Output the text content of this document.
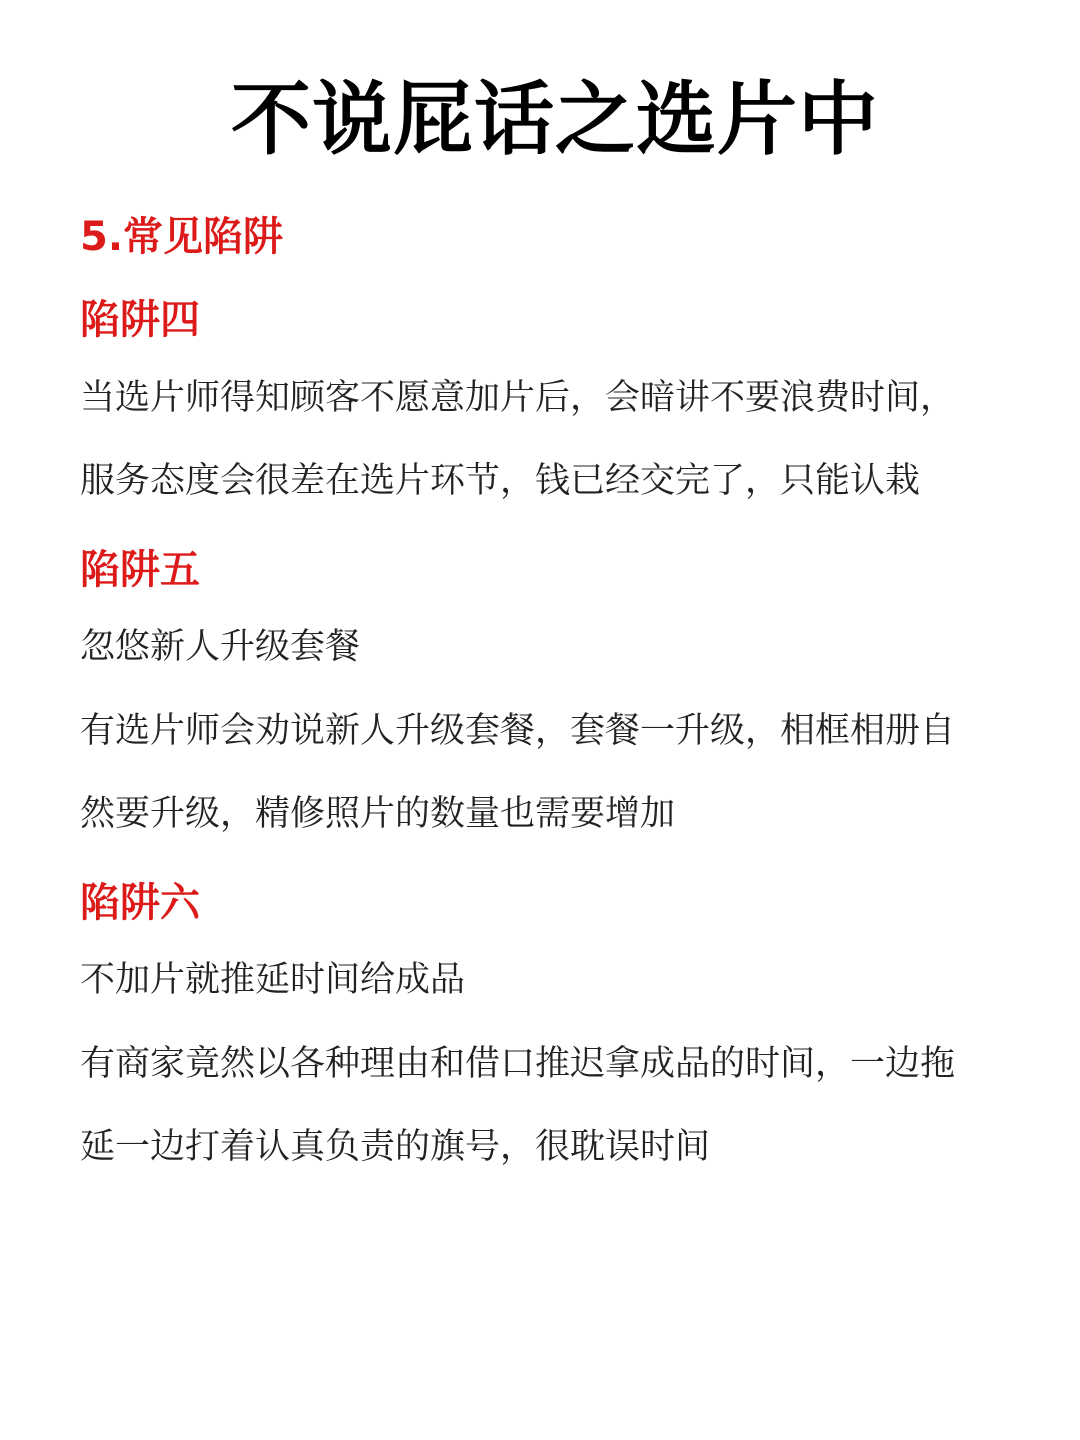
不说屁话之选片中
5.常见陷阱
陷阱四
当选片师得知顾客不愿意加片后，会暗讲不要浪费时间，
服务态度会很差在选片环节，钱已经交完了，只能认栽
陷阱五
忽悠新人升级套餐
有选片师会劝说新人升级套餐，套餐一升级，相框相册自
然要升级，精修照片的数量也需要增加
陷阱六
不加片就推延时间给成品
有商家竟然以各种理由和借口推迟拿成品的时间，一边拖
延一边打着认真负责的旗号，很耽误时间
